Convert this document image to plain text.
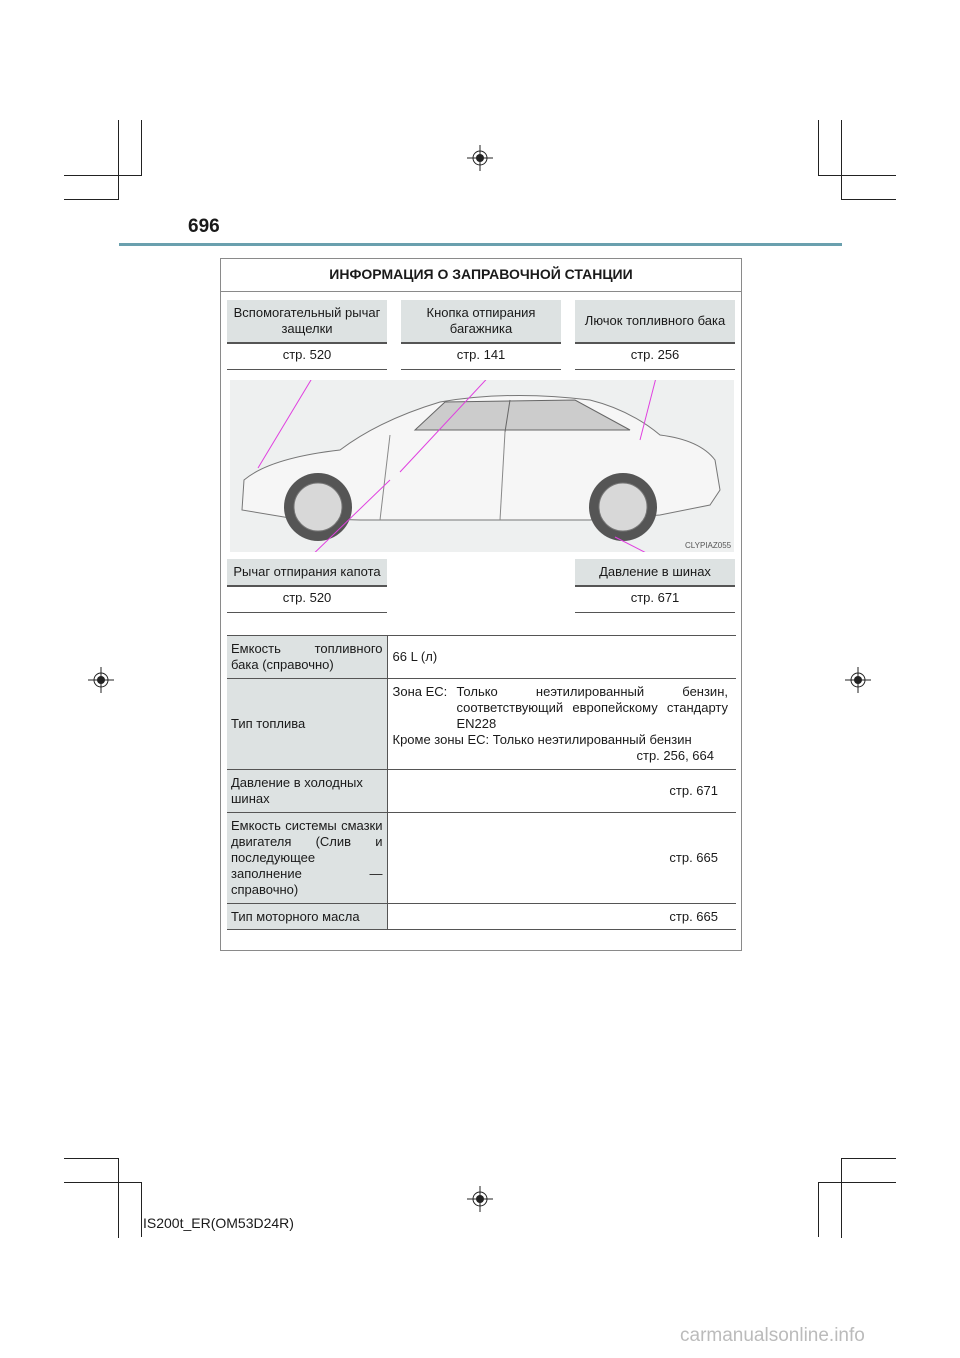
696
ИНФОРМАЦИЯ О ЗАПРАВОЧНОЙ СТАНЦИИ
Вспомогательный рычаг защелки
стр. 520
Кнопка отпирания багажника
стр. 141
Лючок топливного бака
стр. 256
CLYPIAZ055
Рычаг отпирания капота
стр. 520
Давление в шинах
стр. 671
Емкость топливного бака (справочно)	66 L (л)
Тип топлива	Зона ЕС: Только неэтилированный бензин, соответствующий европейскому стандарту EN228
Кроме зоны ЕС: Только неэтилированный бензин
стр. 256, 664

Давление в холодных шинах	стр. 671
Емкость системы смазки двигателя (Слив и последующее заполнение — справочно)	стр. 665
Тип моторного масла	стр. 665
IS200t_ER(OM53D24R)
carmanualsonline.info
